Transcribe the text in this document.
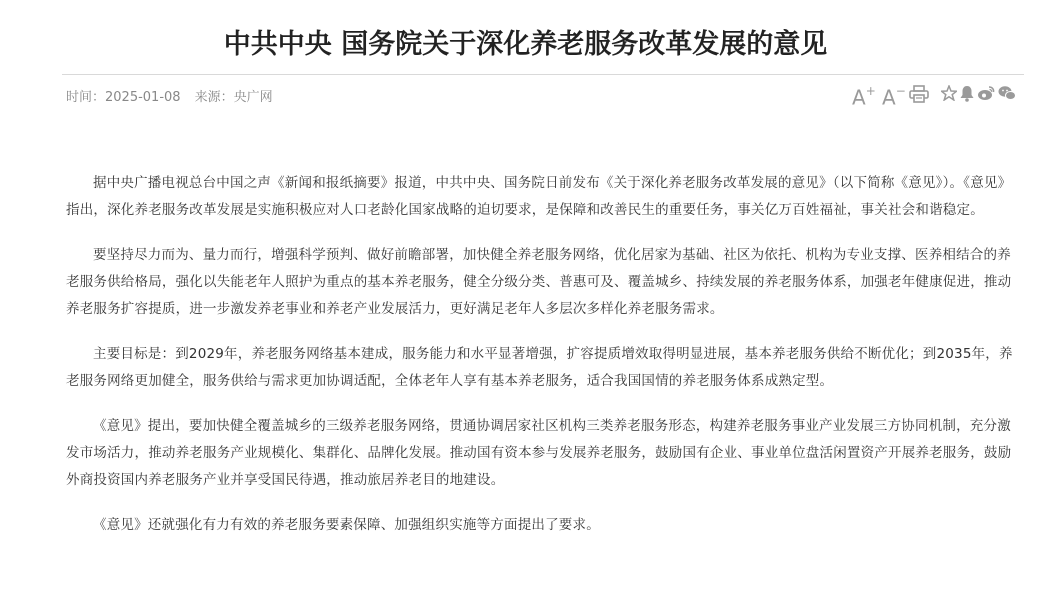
中共中央 国务院关于深化养老服务改革发展的意见
时间：2025-01-08 来源：央广网	A+ A−

据中央广播电视总台中国之声《新闻和报纸摘要》报道，中共中央、国务院日前发布《关于深化养老服务改革发展的意见》（以下简称《意见》）。《意见》指出，深化养老服务改革发展是实施积极应对人口老龄化国家战略的迫切要求，是保障和改善民生的重要任务，事关亿万百姓福祉，事关社会和谐稳定。

要坚持尽力而为、量力而行，增强科学预判、做好前瞻部署，加快健全养老服务网络，优化居家为基础、社区为依托、机构为专业支撑、医养相结合的养老服务供给格局，强化以失能老年人照护为重点的基本养老服务，健全分级分类、普惠可及、覆盖城乡、持续发展的养老服务体系，加强老年健康促进，推动养老服务扩容提质，进一步激发养老事业和养老产业发展活力，更好满足老年人多层次多样化养老服务需求。

主要目标是：到2029年，养老服务网络基本建成，服务能力和水平显著增强，扩容提质增效取得明显进展，基本养老服务供给不断优化；到2035年，养老服务网络更加健全，服务供给与需求更加协调适配，全体老年人享有基本养老服务，适合我国国情的养老服务体系成熟定型。

《意见》提出，要加快健全覆盖城乡的三级养老服务网络，贯通协调居家社区机构三类养老服务形态，构建养老服务事业产业发展三方协同机制，充分激发市场活力，推动养老服务产业规模化、集群化、品牌化发展。推动国有资本参与发展养老服务，鼓励国有企业、事业单位盘活闲置资产开展养老服务，鼓励外商投资国内养老服务产业并享受国民待遇，推动旅居养老目的地建设。

《意见》还就强化有力有效的养老服务要素保障、加强组织实施等方面提出了要求。
